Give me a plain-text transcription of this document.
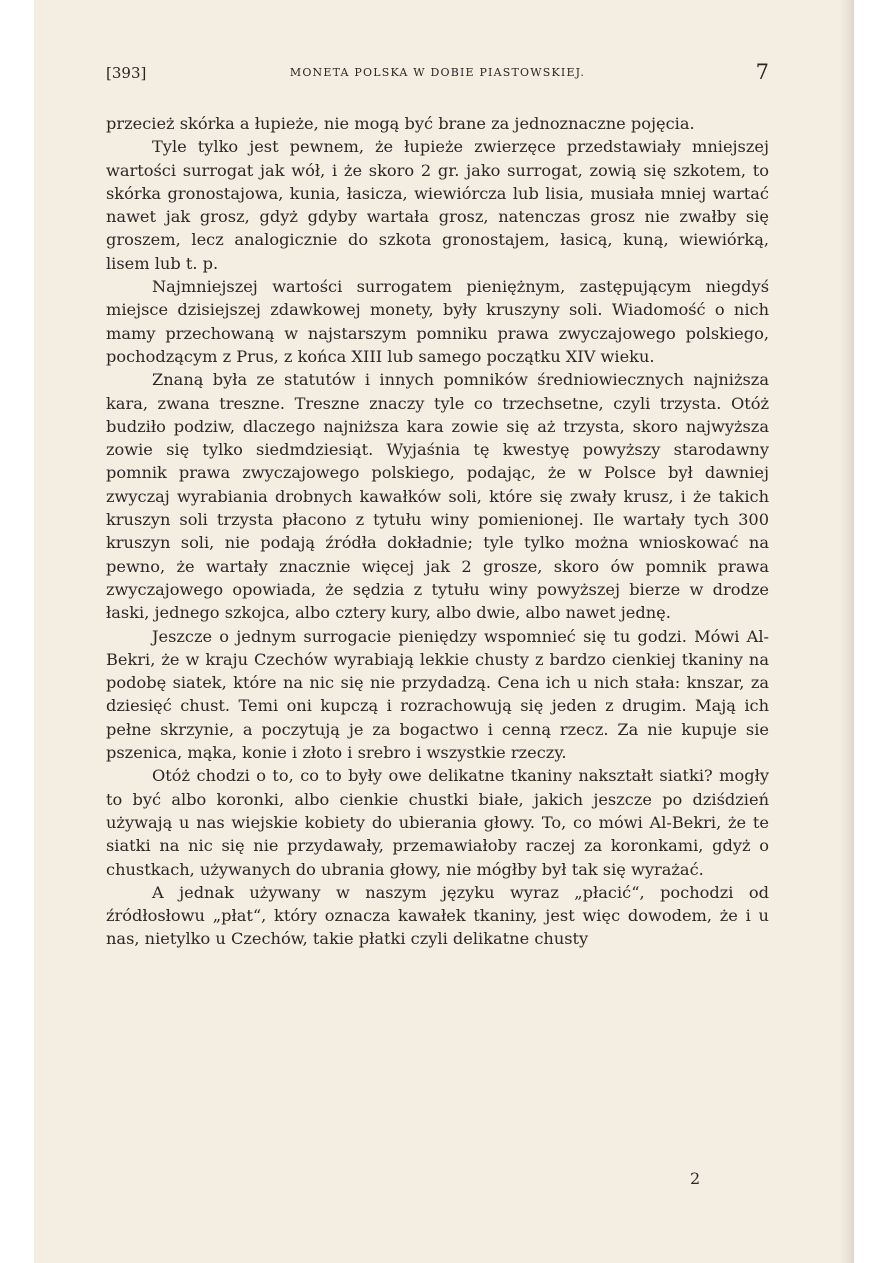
[393]	MONETA POLSKA W DOBIE PIASTOWSKIEJ.	7

przecież skórka a łupieże, nie mogą być brane za jednoznaczne pojęcia.

Tyle tylko jest pewnem, że łupieże zwierzęce przedstawiały mniejszej wartości surrogat jak wół, i że skoro 2 gr. jako surrogat, zowią się szkotem, to skórka gronostajowa, kunia, łasicza, wiewiórcza lub lisia, musiała mniej wartać nawet jak grosz, gdyż gdyby wartała grosz, natenczas grosz nie zwałby się groszem, lecz analogicznie do szkota gronostajem, łasicą, kuną, wiewiórką, lisem lub t. p.

Najmniejszej wartości surrogatem pieniężnym, zastępującym niegdyś miejsce dzisiejszej zdawkowej monety, były kruszyny soli. Wiadomość o nich mamy przechowaną w najstarszym pomniku prawa zwyczajowego polskiego, pochodzącym z Prus, z końca XIII lub samego początku XIV wieku.

Znaną była ze statutów i innych pomników średniowiecznych najniższa kara, zwana treszne. Treszne znaczy tyle co trzechsetne, czyli trzysta. Otóż budziło podziw, dlaczego najniższa kara zowie się aż trzysta, skoro najwyższa zowie się tylko siedmdziesiąt. Wyjaśnia tę kwestyę powyższy starodawny pomnik prawa zwyczajowego polskiego, podając, że w Polsce był dawniej zwyczaj wyrabiania drobnych kawałków soli, które się zwały krusz, i że takich kruszyn soli trzysta płacono z tytułu winy pomienionej. Ile wartały tych 300 kruszyn soli, nie podają źródła dokładnie; tyle tylko można wnioskować na pewno, że wartały znacznie więcej jak 2 grosze, skoro ów pomnik prawa zwyczajowego opowiada, że sędzia z tytułu winy powyższej bierze w drodze łaski, jednego szkojca, albo cztery kury, albo dwie, albo nawet jednę.

Jeszcze o jednym surrogacie pieniędzy wspomnieć się tu godzi. Mówi Al-Bekri, że w kraju Czechów wyrabiają lekkie chusty z bardzo cienkiej tkaniny na podobę siatek, które na nic się nie przydadzą. Cena ich u nich stała: knszar, za dziesięć chust. Temi oni kupczą i rozrachowują się jeden z drugim. Mają ich pełne skrzynie, a poczytują je za bogactwo i cenną rzecz. Za nie kupuje sie pszenica, mąka, konie i złoto i srebro i wszystkie rzeczy.

Otóż chodzi o to, co to były owe delikatne tkaniny nakształt siatki? mogły to być albo koronki, albo cienkie chustki białe, jakich jeszcze po dziśdzień używają u nas wiejskie kobiety do ubierania głowy. To, co mówi Al-Bekri, że te siatki na nic się nie przydawały, przemawiałoby raczej za koronkami, gdyż o chustkach, używanych do ubrania głowy, nie mógłby był tak się wyrażać.

A jednak używany w naszym języku wyraz „płacić“, pochodzi od źródłosłowu „płat“, który oznacza kawałek tkaniny, jest więc dowodem, że i u nas, nietylko u Czechów, takie płatki czyli delikatne chusty

2
